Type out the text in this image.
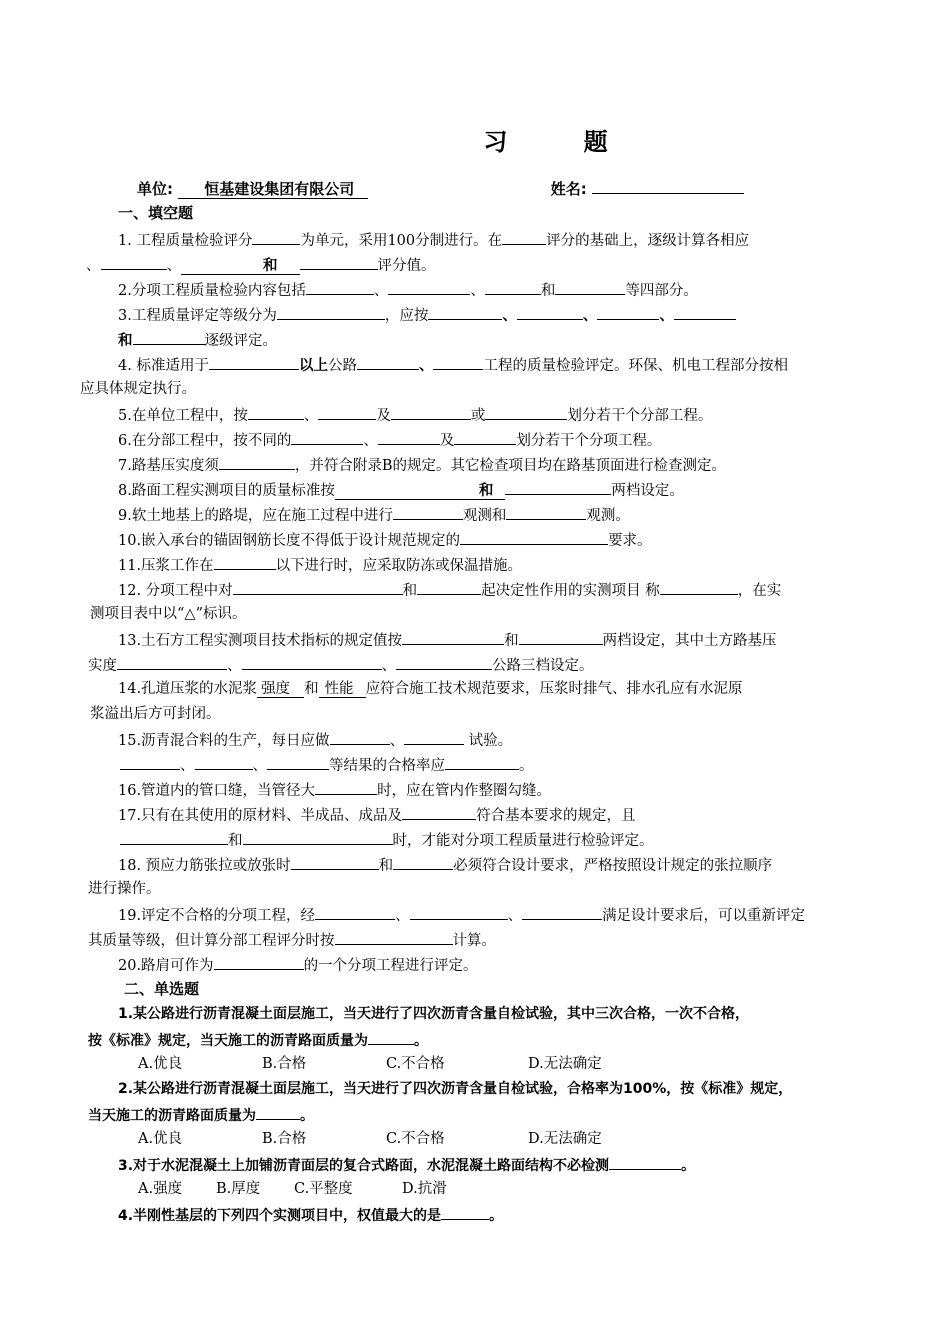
习 题
单位: 恒基建设集团有限公司	姓名:
一、填空题
1. 工程质量检验评分	为单元，采用100分制进行。在	评分的基础上，逐级计算各相应
、	、	和	评分值。
2.分项工程质量检验内容包括	、	、	和	等四部分。
3.工程质量评定等级分为	，应按	、	、	、
和	逐级评定。
4. 标准适用于	以上公路	、	工程的质量检验评定。环保、机电工程部分按相
应具体规定执行。
5.在单位工程中，按	、	及	或	划分若干个分部工程。
6.在分部工程中，按不同的	、	及	划分若干个分项工程。
7.路基压实度须	，并符合附录B的规定。其它检查项目均在路基顶面进行检查测定。
8.路面工程实测项目的质量标准按	和	两档设定。
9.软土地基上的路堤，应在施工过程中进行	观测和	观测。
10.嵌入承台的锚固钢筋长度不得低于设计规范规定的	要求。
11.压浆工作在	以下进行时，应采取防冻或保温措施。
12. 分项工程中对	和	起决定性作用的实测项目 称	，在实
测项目表中以“△”标识。
13.土石方工程实测项目技术指标的规定值按	和	两档设定，其中土方路基压
实度	、	、	公路三档设定。
14.孔道压浆的水泥浆 强度 和 性能 应符合施工技术规范要求，压浆时排气、排水孔应有水泥原
浆溢出后方可封闭。
15.沥青混合料的生产，每日应做	、	试验。
、	、	等结果的合格率应	。
16.管道内的管口缝，当管径大	时，应在管内作整圈勾缝。
17.只有在其使用的原材料、半成品、成品及	符合基本要求的规定，且
和	时，才能对分项工程质量进行检验评定。
18. 预应力筋张拉或放张时	和	必须符合设计要求，严格按照设计规定的张拉顺序
进行操作。
19.评定不合格的分项工程，经	、	、	满足设计要求后，可以重新评定
其质量等级，但计算分部工程评分时按	计算。
20.路肩可作为	的一个分项工程进行评定。
二、单选题
1.某公路进行沥青混凝土面层施工，当天进行了四次沥青含量自检试验，其中三次合格，一次不合格，
按《标准》规定，当天施工的沥青路面质量为	。
A.优良	B.合格	C.不合格	D.无法确定
2.某公路进行沥青混凝土面层施工，当天进行了四次沥青含量自检试验，合格率为100%，按《标准》规定，
当天施工的沥青路面质量为	。
A.优良	B.合格	C.不合格	D.无法确定
3.对于水泥混凝土上加铺沥青面层的复合式路面，水泥混凝土路面结构不必检测	。
A.强度 B.厚度 C.平整度	D.抗滑
4.半刚性基层的下列四个实测项目中，权值最大的是	。
